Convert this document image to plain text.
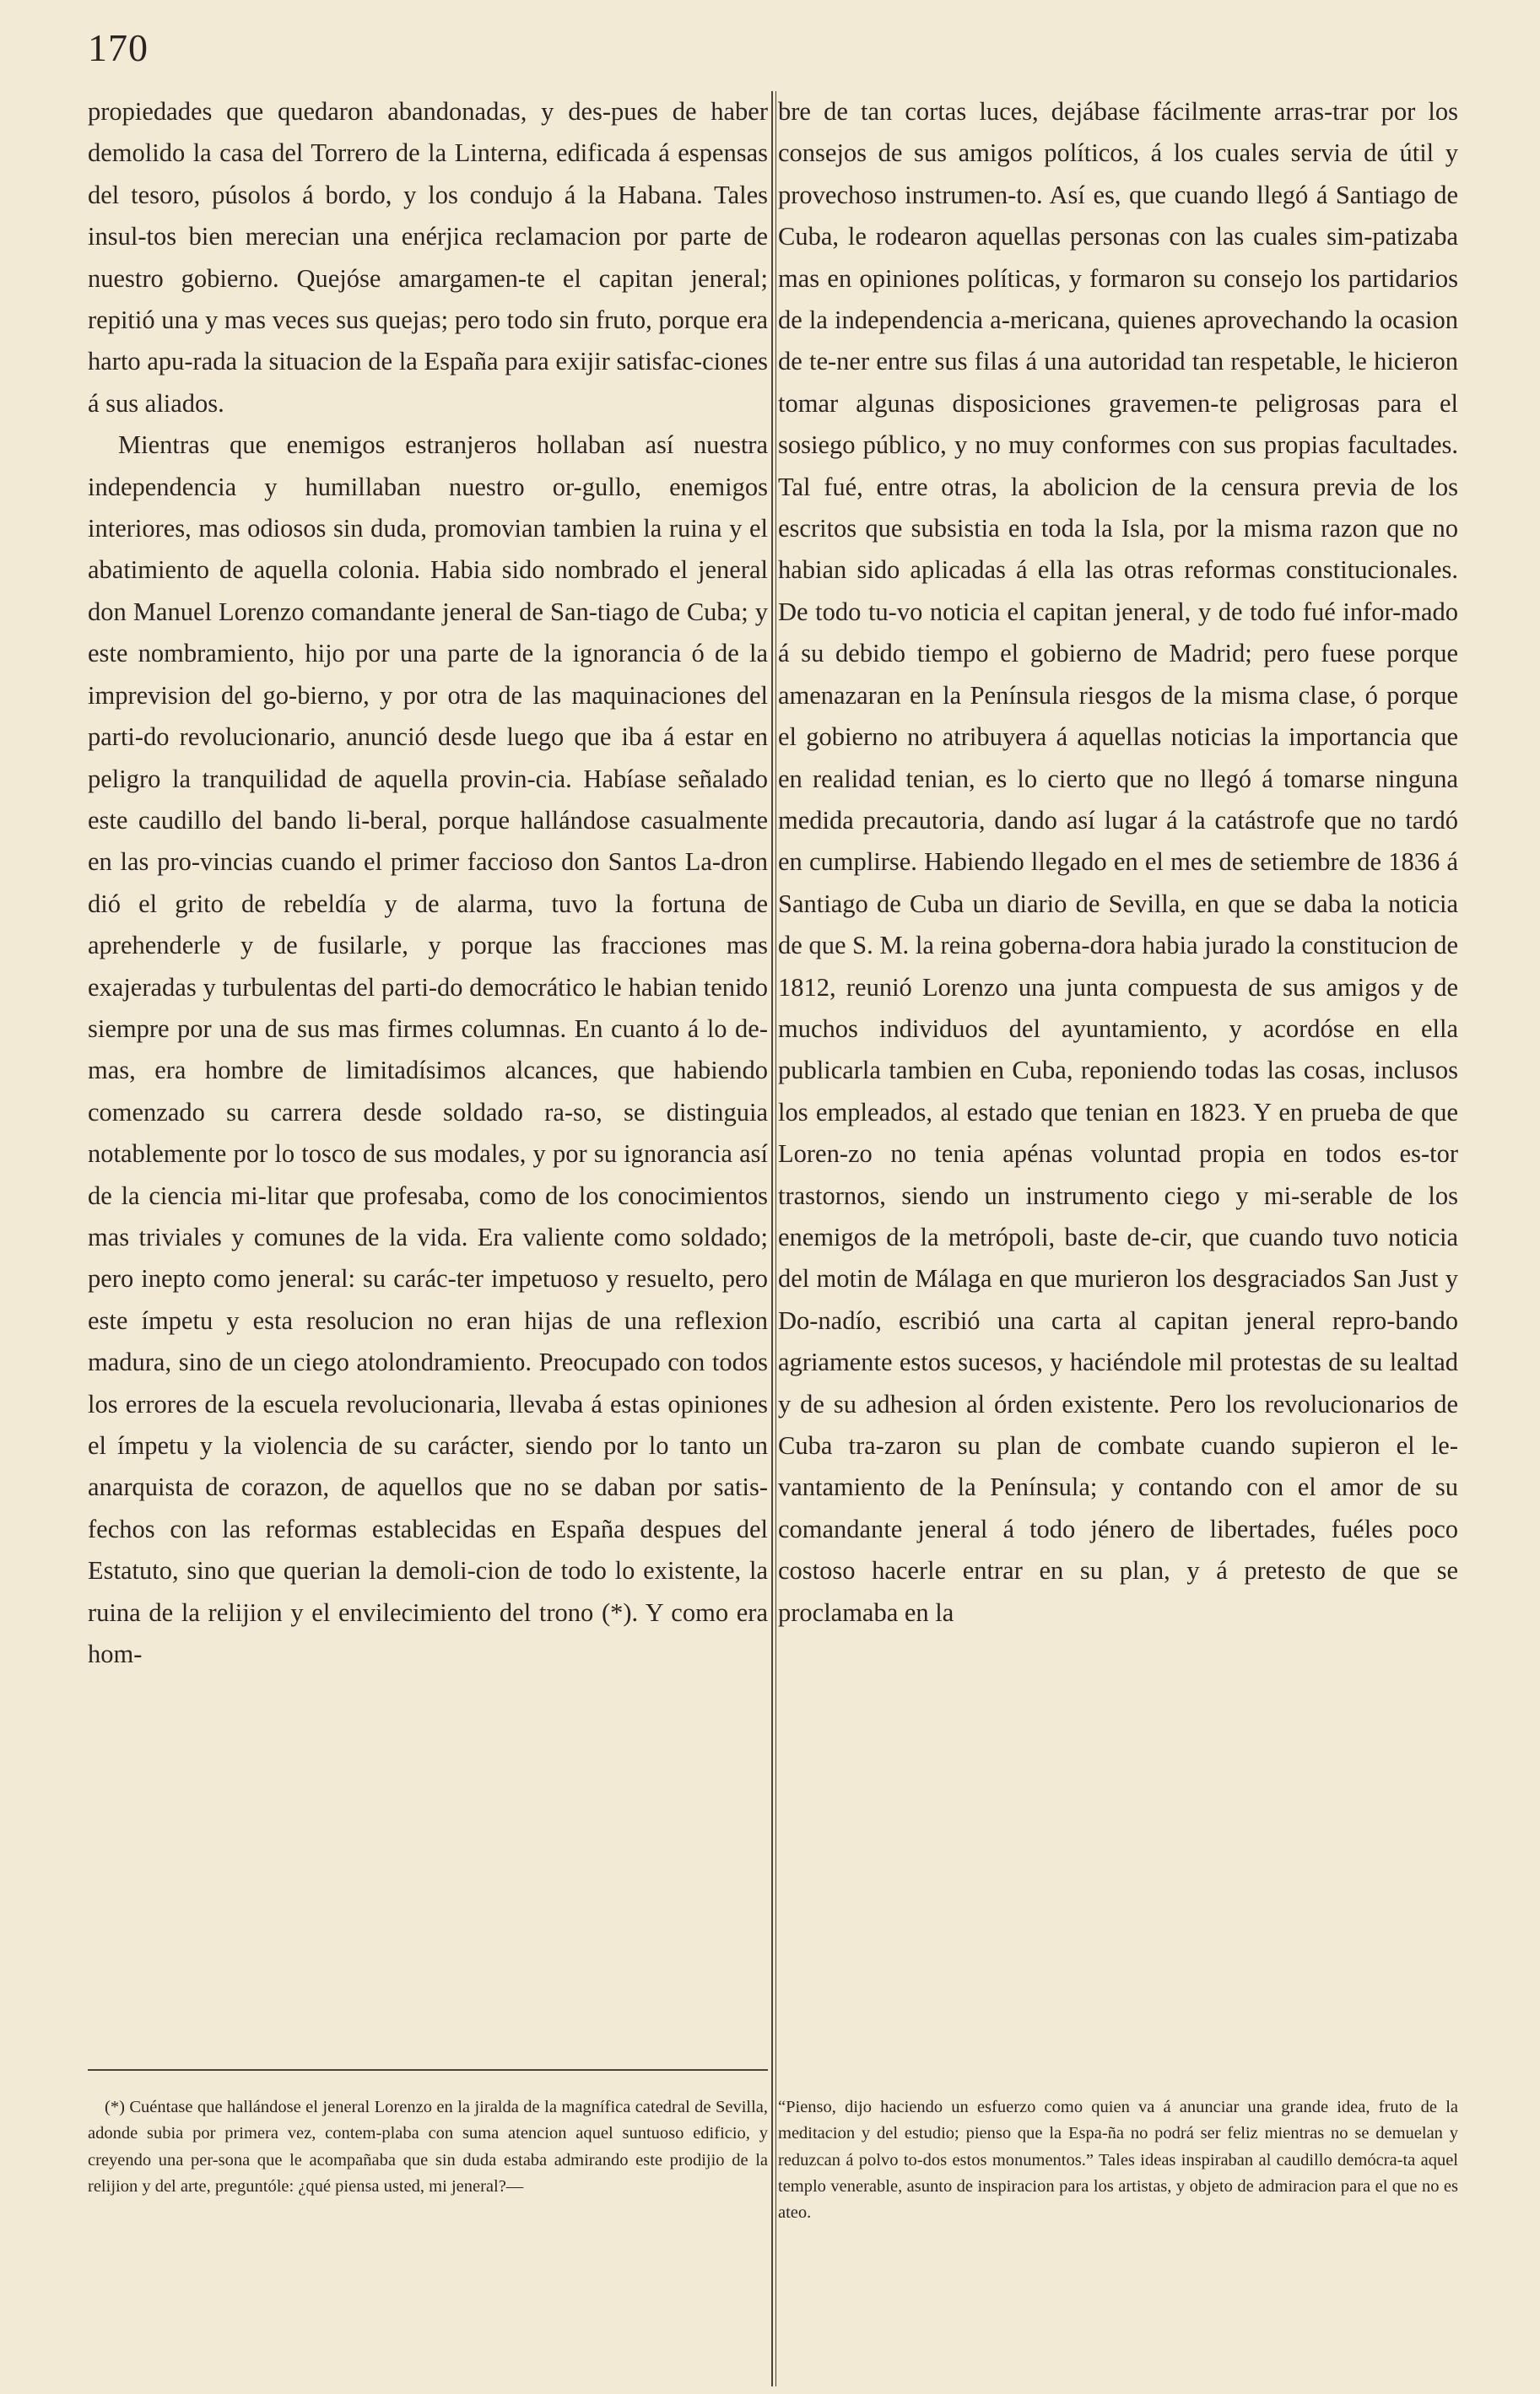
170

propiedades que quedaron abandonadas, y des-pues de haber demolido la casa del Torrero de la Linterna, edificada á espensas del tesoro, púsolos á bordo, y los condujo á la Habana. Tales insul-tos bien merecian una enérjica reclamacion por parte de nuestro gobierno. Quejóse amargamen-te el capitan jeneral; repitió una y mas veces sus quejas; pero todo sin fruto, porque era harto apu-rada la situacion de la España para exijir satisfac-ciones á sus aliados.

Mientras que enemigos estranjeros hollaban así nuestra independencia y humillaban nuestro or-gullo, enemigos interiores, mas odiosos sin duda, promovian tambien la ruina y el abatimiento de aquella colonia. Habia sido nombrado el jeneral don Manuel Lorenzo comandante jeneral de San-tiago de Cuba; y este nombramiento, hijo por una parte de la ignorancia ó de la imprevision del go-bierno, y por otra de las maquinaciones del parti-do revolucionario, anunció desde luego que iba á estar en peligro la tranquilidad de aquella provin-cia. Habíase señalado este caudillo del bando li-beral, porque hallándose casualmente en las pro-vincias cuando el primer faccioso don Santos La-dron dió el grito de rebeldía y de alarma, tuvo la fortuna de aprehenderle y de fusilarle, y porque las fracciones mas exajeradas y turbulentas del parti-do democrático le habian tenido siempre por una de sus mas firmes columnas. En cuanto á lo de-mas, era hombre de limitadísimos alcances, que habiendo comenzado su carrera desde soldado ra-so, se distinguia notablemente por lo tosco de sus modales, y por su ignorancia así de la ciencia mi-litar que profesaba, como de los conocimientos mas triviales y comunes de la vida. Era valiente como soldado; pero inepto como jeneral: su carác-ter impetuoso y resuelto, pero este ímpetu y esta resolucion no eran hijas de una reflexion madura, sino de un ciego atolondramiento. Preocupado con todos los errores de la escuela revolucionaria, llevaba á estas opiniones el ímpetu y la violencia de su carácter, siendo por lo tanto un anarquista de corazon, de aquellos que no se daban por satis-fechos con las reformas establecidas en España despues del Estatuto, sino que querian la demoli-cion de todo lo existente, la ruina de la relijion y el envilecimiento del trono (*). Y como era hom-

bre de tan cortas luces, dejábase fácilmente arras-trar por los consejos de sus amigos políticos, á los cuales servia de útil y provechoso instrumen-to. Así es, que cuando llegó á Santiago de Cuba, le rodearon aquellas personas con las cuales sim-patizaba mas en opiniones políticas, y formaron su consejo los partidarios de la independencia a-mericana, quienes aprovechando la ocasion de te-ner entre sus filas á una autoridad tan respetable, le hicieron tomar algunas disposiciones gravemen-te peligrosas para el sosiego público, y no muy conformes con sus propias facultades. Tal fué, entre otras, la abolicion de la censura previa de los escritos que subsistia en toda la Isla, por la misma razon que no habian sido aplicadas á ella las otras reformas constitucionales. De todo tu-vo noticia el capitan jeneral, y de todo fué infor-mado á su debido tiempo el gobierno de Madrid; pero fuese porque amenazaran en la Península riesgos de la misma clase, ó porque el gobierno no atribuyera á aquellas noticias la importancia que en realidad tenian, es lo cierto que no llegó á tomarse ninguna medida precautoria, dando así lugar á la catástrofe que no tardó en cumplirse. Habiendo llegado en el mes de setiembre de 1836 á Santiago de Cuba un diario de Sevilla, en que se daba la noticia de que S. M. la reina goberna-dora habia jurado la constitucion de 1812, reunió Lorenzo una junta compuesta de sus amigos y de muchos individuos del ayuntamiento, y acordóse en ella publicarla tambien en Cuba, reponiendo todas las cosas, inclusos los empleados, al estado que tenian en 1823. Y en prueba de que Loren-zo no tenia apénas voluntad propia en todos es-tor trastornos, siendo un instrumento ciego y mi-serable de los enemigos de la metrópoli, baste de-cir, que cuando tuvo noticia del motin de Málaga en que murieron los desgraciados San Just y Do-nadío, escribió una carta al capitan jeneral repro-bando agriamente estos sucesos, y haciéndole mil protestas de su lealtad y de su adhesion al órden existente. Pero los revolucionarios de Cuba tra-zaron su plan de combate cuando supieron el le-vantamiento de la Península; y contando con el amor de su comandante jeneral á todo jénero de libertades, fuéles poco costoso hacerle entrar en su plan, y á pretesto de que se proclamaba en la

(*) Cuéntase que hallándose el jeneral Lorenzo en la jiralda de la magnífica catedral de Sevilla, adonde subia por primera vez, contem-plaba con suma atencion aquel suntuoso edificio, y creyendo una per-sona que le acompañaba que sin duda estaba admirando este prodijio de la relijion y del arte, preguntóle: ¿qué piensa usted, mi jeneral?—
“Pienso, dijo haciendo un esfuerzo como quien va á anunciar una grande idea, fruto de la meditacion y del estudio; pienso que la Espa-ña no podrá ser feliz mientras no se demuelan y reduzcan á polvo to-dos estos monumentos.” Tales ideas inspiraban al caudillo demócra-ta aquel templo venerable, asunto de inspiracion para los artistas, y objeto de admiracion para el que no es ateo.
